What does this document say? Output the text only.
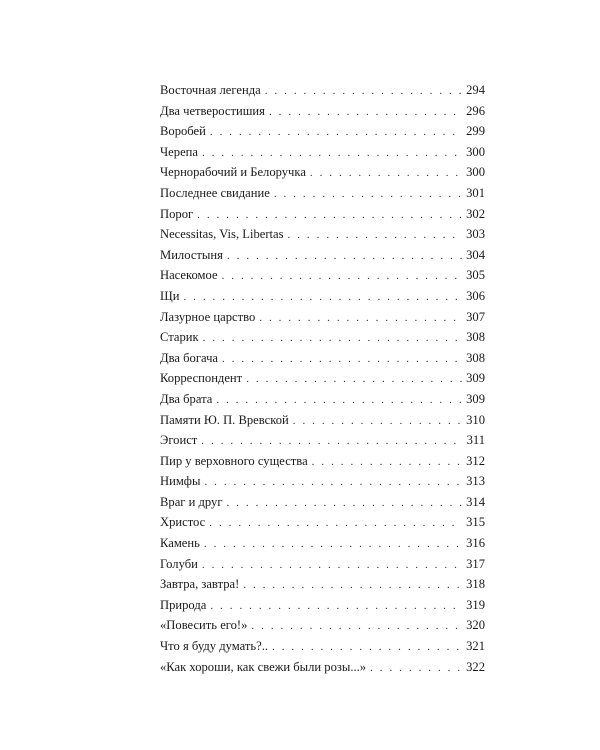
Восточная легенда . . .	294
Два четверостишия . . .	296
Воробей . . .	299
Черепа . . .	300
Чернорабочий и Белоручка . . .	300
Последнее свидание . . .	301
Порог . . .	302
Necessitas, Vis, Libertas . . .	303
Милостыня . . .	304
Насекомое . . .	305
Щи . . .	306
Лазурное царство . . .	307
Старик . . .	308
Два богача . . .	308
Корреспондент . . .	309
Два брата . . .	309
Памяти Ю. П. Вревской . . .	310
Эгоист . . .	311
Пир у верховного существа . . .	312
Нимфы . . .	313
Враг и друг . . .	314
Христос . . .	315
Камень . . .	316
Голуби . . .	317
Завтра, завтра! . . .	318
Природа . . .	319
«Повесить его!» . . .	320
Что я буду думать?.. . . .	321
«Как хороши, как свежи были розы...» . . .	322
